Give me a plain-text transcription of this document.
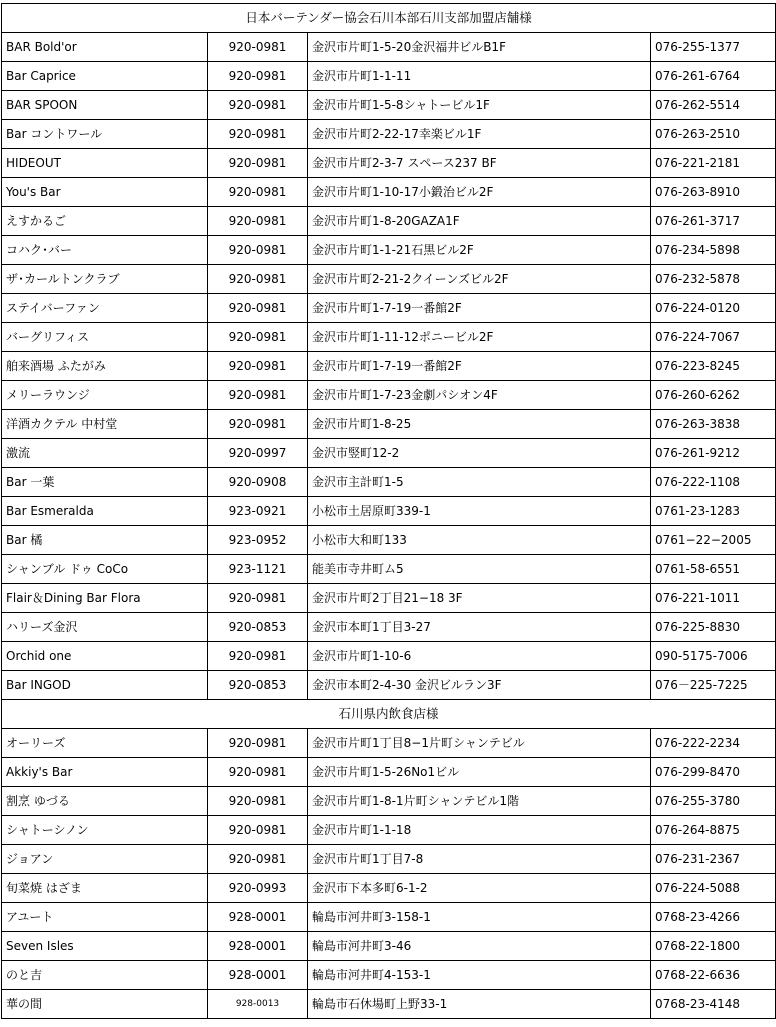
日本バーテンダー協会石川本部石川支部加盟店舗様			
BAR Bold'or	920-0981	金沢市片町1-5-20金沢福井ビルB1F	076-255-1377
Bar Caprice	920-0981	金沢市片町1-1-11	076-261-6764
BAR SPOON	920-0981	金沢市片町1-5-8シャトービル1F	076-262-5514
Bar コントワール	920-0981	金沢市片町2-22-17幸楽ビル1F	076-263-2510
HIDEOUT	920-0981	金沢市片町2-3-7 スペース237 BF	076-221-2181
You's Bar	920-0981	金沢市片町1-10-17小鍛治ビル2F	076-263-8910
えすかるご	920-0981	金沢市片町1-8-20GAZA1F	076-261-3717
コハク･バー	920-0981	金沢市片町1-1-21石黒ビル2F	076-234-5898
ザ･カールトンクラブ	920-0981	金沢市片町2-21-2クイーンズビル2F	076-232-5878
ステイバーファン	920-0981	金沢市片町1-7-19一番館2F	076-224-0120
バーグリフィス	920-0981	金沢市片町1-11-12ポニービル2F	076-224-7067
舶来酒場 ふたがみ	920-0981	金沢市片町1-7-19一番館2F	076-223-8245
メリーラウンジ	920-0981	金沢市片町1-7-23金劇パシオン4F	076-260-6262
洋酒カクテル 中村堂	920-0981	金沢市片町1-8-25	076-263-3838
激流	920-0997	金沢市竪町12-2	076-261-9212
Bar 一葉	920-0908	金沢市主計町1-5	076-222-1108
Bar Esmeralda	923-0921	小松市土居原町339-1	0761-23-1283
Bar 橘	923-0952	小松市大和町133	0761−22−2005
シャンブル ドゥ CoCo	923-1121	能美市寺井町ム5	0761-58-6551
Flair＆Dining Bar Flora	920-0981	金沢市片町2丁目21−18 3F	076-221-1011
ハリーズ金沢	920-0853	金沢市本町1丁目3-27	076-225-8830
Orchid one	920-0981	金沢市片町1-10-6	090-5175-7006
Bar INGOD	920-0853	金沢市本町2-4-30 金沢ビルラン3F	076－225-7225
石川県内飲食店様			
オーリーズ	920-0981	金沢市片町1丁目8−1片町シャンテビル	076-222-2234
Akkiy's Bar	920-0981	金沢市片町1-5-26No1ビル	076-299-8470
割烹 ゆづる	920-0981	金沢市片町1-8-1片町シャンテビル1階	076-255-3780
シャトーシノン	920-0981	金沢市片町1-1-18	076-264-8875
ジョアン	920-0981	金沢市片町1丁目7-8	076-231-2367
旬菜焼 はざま	920-0993	金沢市下本多町6-1-2	076-224-5088
アユート	928-0001	輪島市河井町3-158-1	0768-23-4266
Seven Isles	928-0001	輪島市河井町3-46	0768-22-1800
のと吉	928-0001	輪島市河井町4-153-1	0768-22-6636
華の間	928-0013	輪島市石休場町上野33-1	0768-23-4148
